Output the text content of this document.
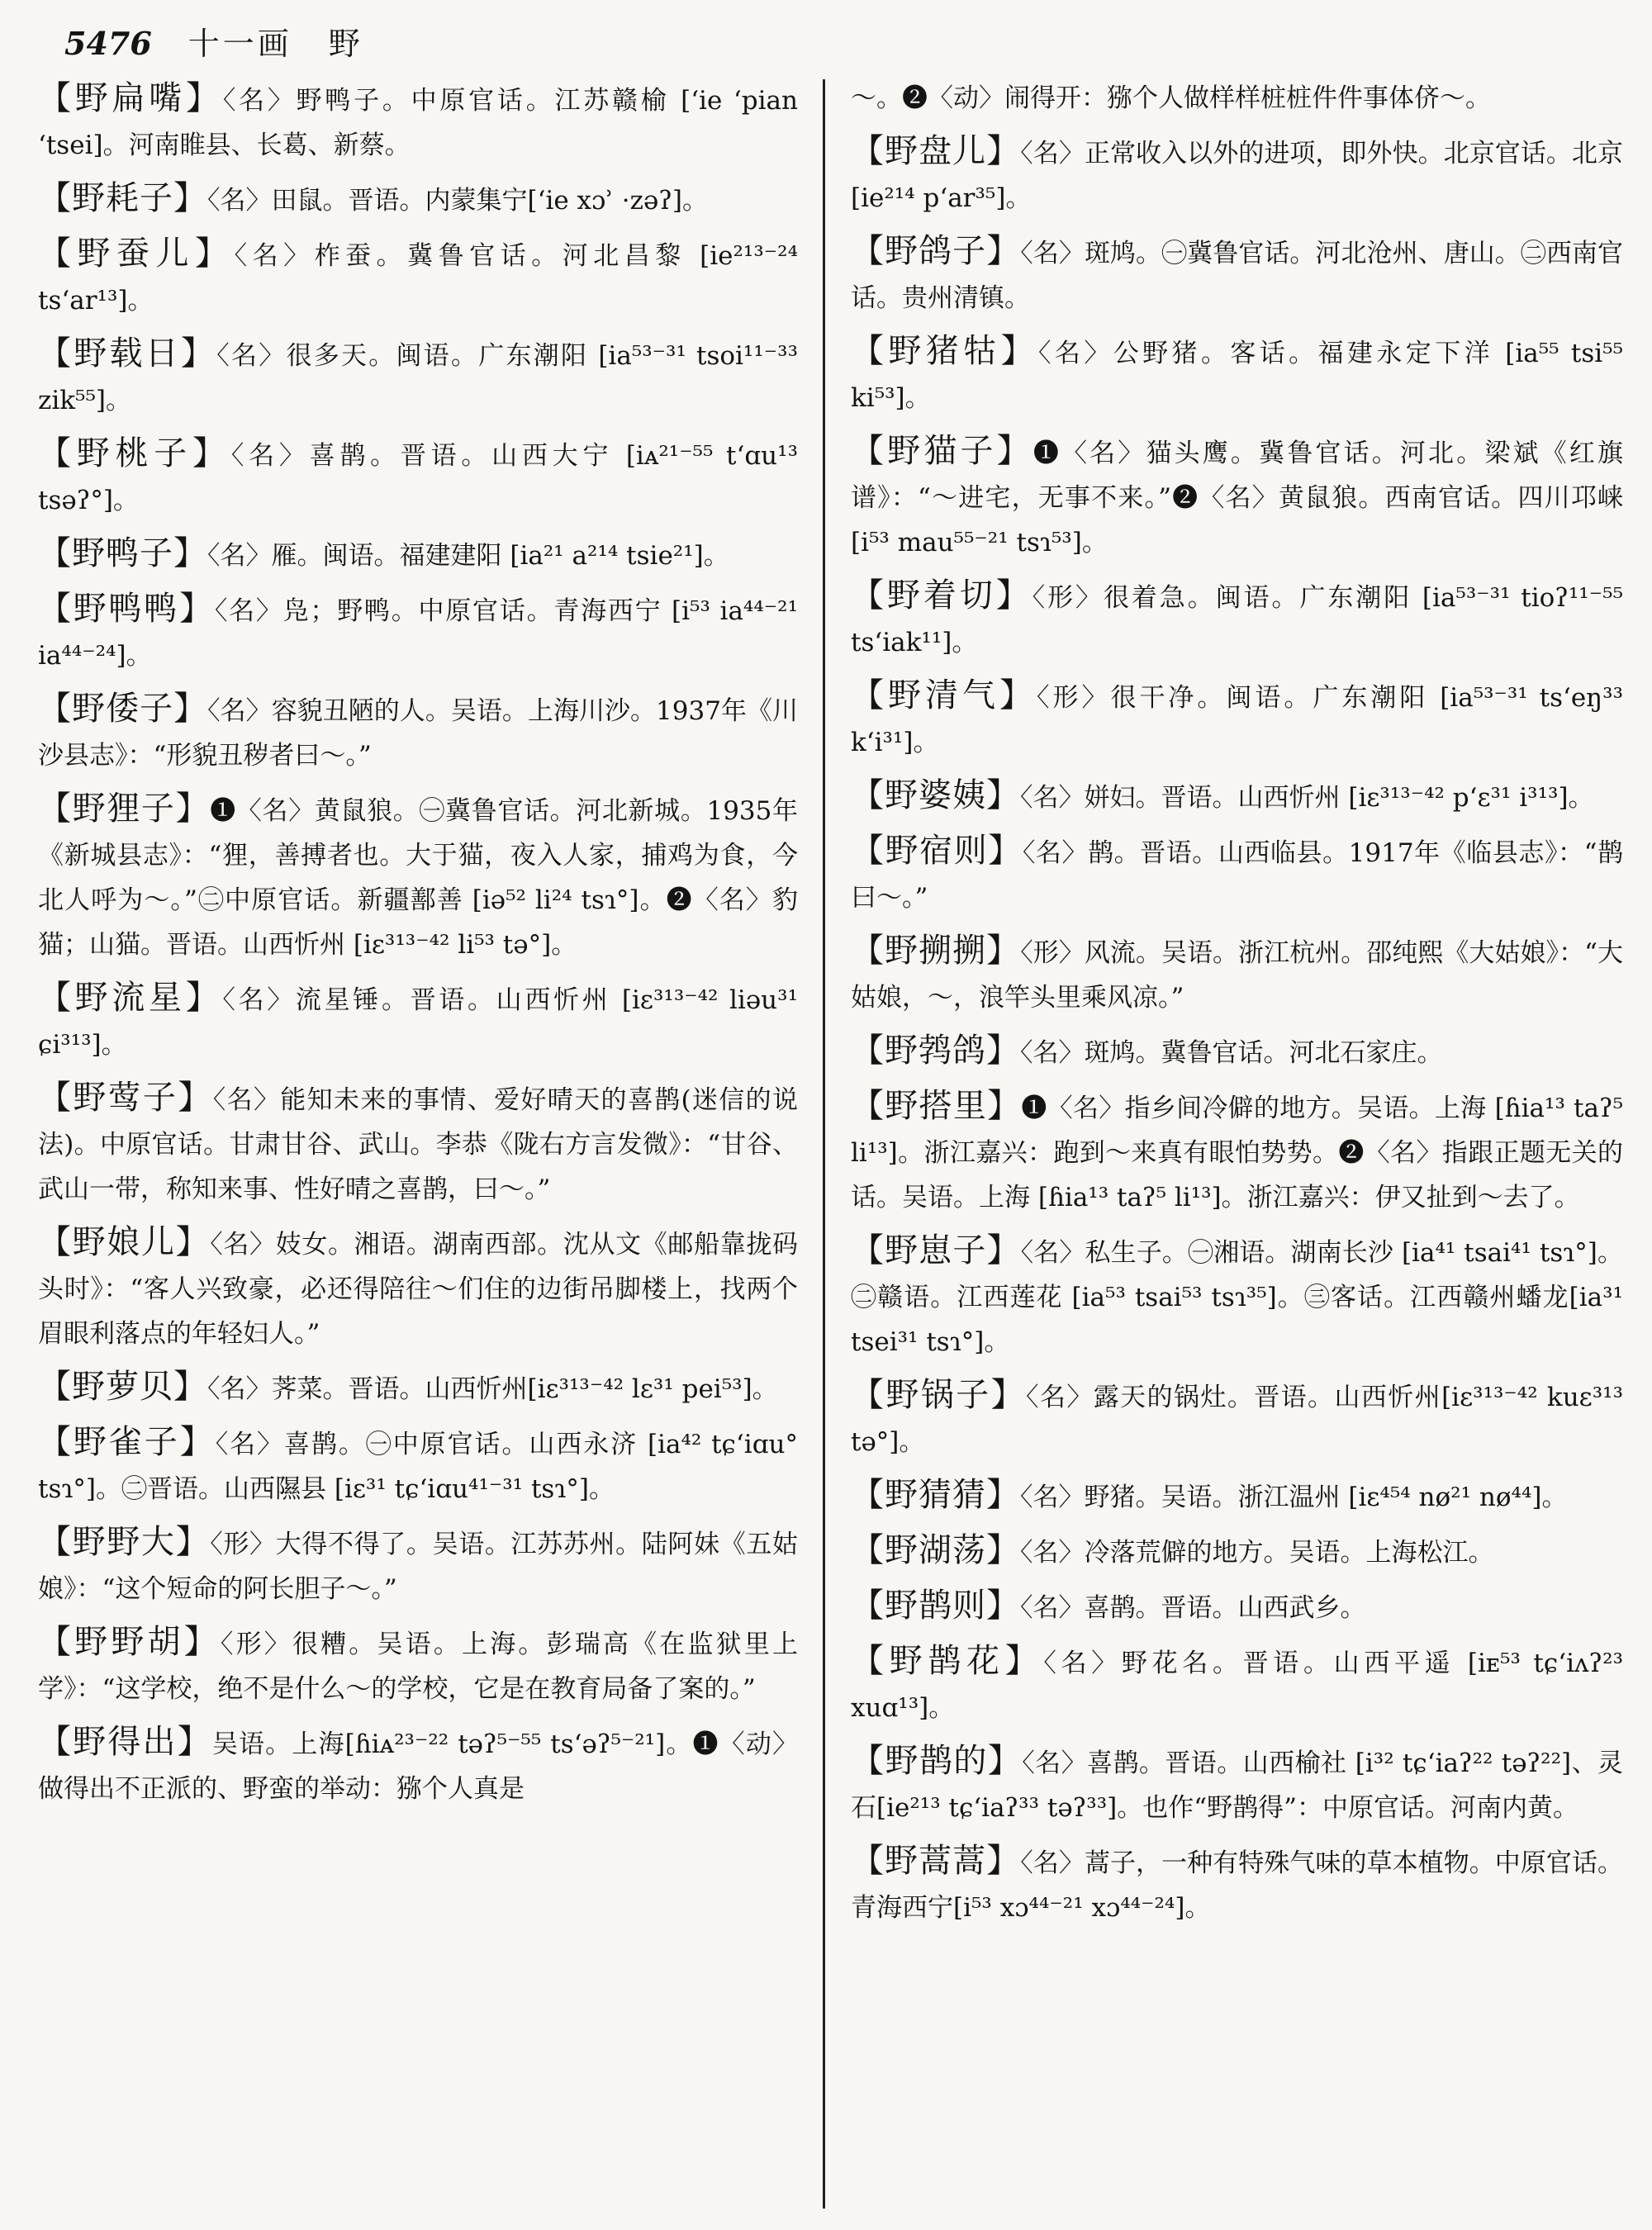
5476 十一画 野

【野扁嘴】〈名〉野鸭子。中原官话。江苏赣榆 [ʻie ʻpian ʻtsei]。河南睢县、长葛、新蔡。

【野耗子】〈名〉田鼠。晋语。内蒙集宁[ʻie xɔʾ ·zəʔ]。

【野蚕儿】〈名〉柞蚕。冀鲁官话。河北昌黎 [ie²¹³⁻²⁴ tsʻar¹³]。

【野载日】〈名〉很多天。闽语。广东潮阳 [ia⁵³⁻³¹ tsoi¹¹⁻³³ zik⁵⁵]。

【野桃子】〈名〉喜鹊。晋语。山西大宁 [iᴀ²¹⁻⁵⁵ tʻɑu¹³ tsəʔ°]。

【野鸭子】〈名〉雁。闽语。福建建阳 [ia²¹ a²¹⁴ tsie²¹]。

【野鸭鸭】〈名〉凫；野鸭。中原官话。青海西宁 [i⁵³ ia⁴⁴⁻²¹ ia⁴⁴⁻²⁴]。

【野倭子】〈名〉容貌丑陋的人。吴语。上海川沙。1937年《川沙县志》：“形貌丑秽者曰～。”

【野狸子】❶〈名〉黄鼠狼。㊀冀鲁官话。河北新城。1935年《新城县志》：“狸，善搏者也。大于猫，夜入人家，捕鸡为食，今北人呼为～。”㊁中原官话。新疆鄯善 [iə⁵² li²⁴ tsɿ°]。❷〈名〉豹猫；山猫。晋语。山西忻州 [iɛ³¹³⁻⁴² li⁵³ tə°]。

【野流星】〈名〉流星锤。晋语。山西忻州 [iɛ³¹³⁻⁴² liəu³¹ ɕi³¹³]。

【野莺子】〈名〉能知未来的事情、爱好晴天的喜鹊(迷信的说法)。中原官话。甘肃甘谷、武山。李恭《陇右方言发微》：“甘谷、武山一带，称知来事、性好晴之喜鹊，曰～。”

【野娘儿】〈名〉妓女。湘语。湖南西部。沈从文《邮船靠拢码头时》：“客人兴致豪，必还得陪往～们住的边街吊脚楼上，找两个眉眼利落点的年轻妇人。”

【野萝贝】〈名〉荠菜。晋语。山西忻州[iɛ³¹³⁻⁴² lɛ³¹ pei⁵³]。

【野雀子】〈名〉喜鹊。㊀中原官话。山西永济 [ia⁴² tɕʻiɑu° tsɿ°]。㊁晋语。山西隰县 [iɛ³¹ tɕʻiɑu⁴¹⁻³¹ tsɿ°]。

【野野大】〈形〉大得不得了。吴语。江苏苏州。陆阿妹《五姑娘》：“这个短命的阿长胆子～。”

【野野胡】〈形〉很糟。吴语。上海。彭瑞高《在监狱里上学》：“这学校，绝不是什么～的学校，它是在教育局备了案的。”

【野得出】吴语。上海[ɦiᴀ²³⁻²² təʔ⁵⁻⁵⁵ tsʻəʔ⁵⁻²¹]。❶〈动〉做得出不正派的、野蛮的举动：猕个人真是

～。❷〈动〉闹得开：猕个人做样样桩桩件件事体侪～。

【野盘儿】〈名〉正常收入以外的进项，即外快。北京官话。北京 [ie²¹⁴ pʻar³⁵]。

【野鸽子】〈名〉斑鸠。㊀冀鲁官话。河北沧州、唐山。㊁西南官话。贵州清镇。

【野猪牯】〈名〉公野猪。客话。福建永定下洋 [ia⁵⁵ tsi⁵⁵ ki⁵³]。

【野猫子】❶〈名〉猫头鹰。冀鲁官话。河北。梁斌《红旗谱》：“～进宅，无事不来。”❷〈名〉黄鼠狼。西南官话。四川邛崃[i⁵³ mau⁵⁵⁻²¹ tsɿ⁵³]。

【野着切】〈形〉很着急。闽语。广东潮阳 [ia⁵³⁻³¹ tioʔ¹¹⁻⁵⁵ tsʻiak¹¹]。

【野清气】〈形〉很干净。闽语。广东潮阳 [ia⁵³⁻³¹ tsʻeŋ³³ kʻi³¹]。

【野婆姨】〈名〉姘妇。晋语。山西忻州 [iɛ³¹³⁻⁴² pʻɛ³¹ i³¹³]。

【野宿则】〈名〉鹊。晋语。山西临县。1917年《临县志》：“鹊曰～。”

【野搠搠】〈形〉风流。吴语。浙江杭州。邵纯熙《大姑娘》：“大姑娘，～，浪竿头里乘风凉。”

【野鹁鸽】〈名〉斑鸠。冀鲁官话。河北石家庄。

【野搭里】❶〈名〉指乡间冷僻的地方。吴语。上海 [ɦia¹³ taʔ⁵ li¹³]。浙江嘉兴：跑到～来真有眼怕势势。❷〈名〉指跟正题无关的话。吴语。上海 [ɦia¹³ taʔ⁵ li¹³]。浙江嘉兴：伊又扯到～去了。

【野崽子】〈名〉私生子。㊀湘语。湖南长沙 [ia⁴¹ tsai⁴¹ tsɿ°]。㊁赣语。江西莲花 [ia⁵³ tsai⁵³ tsɿ³⁵]。㊂客话。江西赣州蟠龙[ia³¹ tsei³¹ tsɿ°]。

【野锅子】〈名〉露天的锅灶。晋语。山西忻州[iɛ³¹³⁻⁴² kuɛ³¹³ tə°]。

【野猜猜】〈名〉野猪。吴语。浙江温州 [iɛ⁴⁵⁴ nø²¹ nø⁴⁴]。

【野湖荡】〈名〉冷落荒僻的地方。吴语。上海松江。

【野鹊则】〈名〉喜鹊。晋语。山西武乡。

【野鹊花】〈名〉野花名。晋语。山西平遥 [iᴇ⁵³ tɕʻiʌʔ²³ xuɑ¹³]。

【野鹊的】〈名〉喜鹊。晋语。山西榆社 [i³² tɕʻiaʔ²² təʔ²²]、灵石[ie²¹³ tɕʻiaʔ³³ təʔ³³]。也作“野鹊得”：中原官话。河南内黄。

【野蒿蒿】〈名〉蒿子，一种有特殊气味的草本植物。中原官话。青海西宁[i⁵³ xɔ⁴⁴⁻²¹ xɔ⁴⁴⁻²⁴]。
